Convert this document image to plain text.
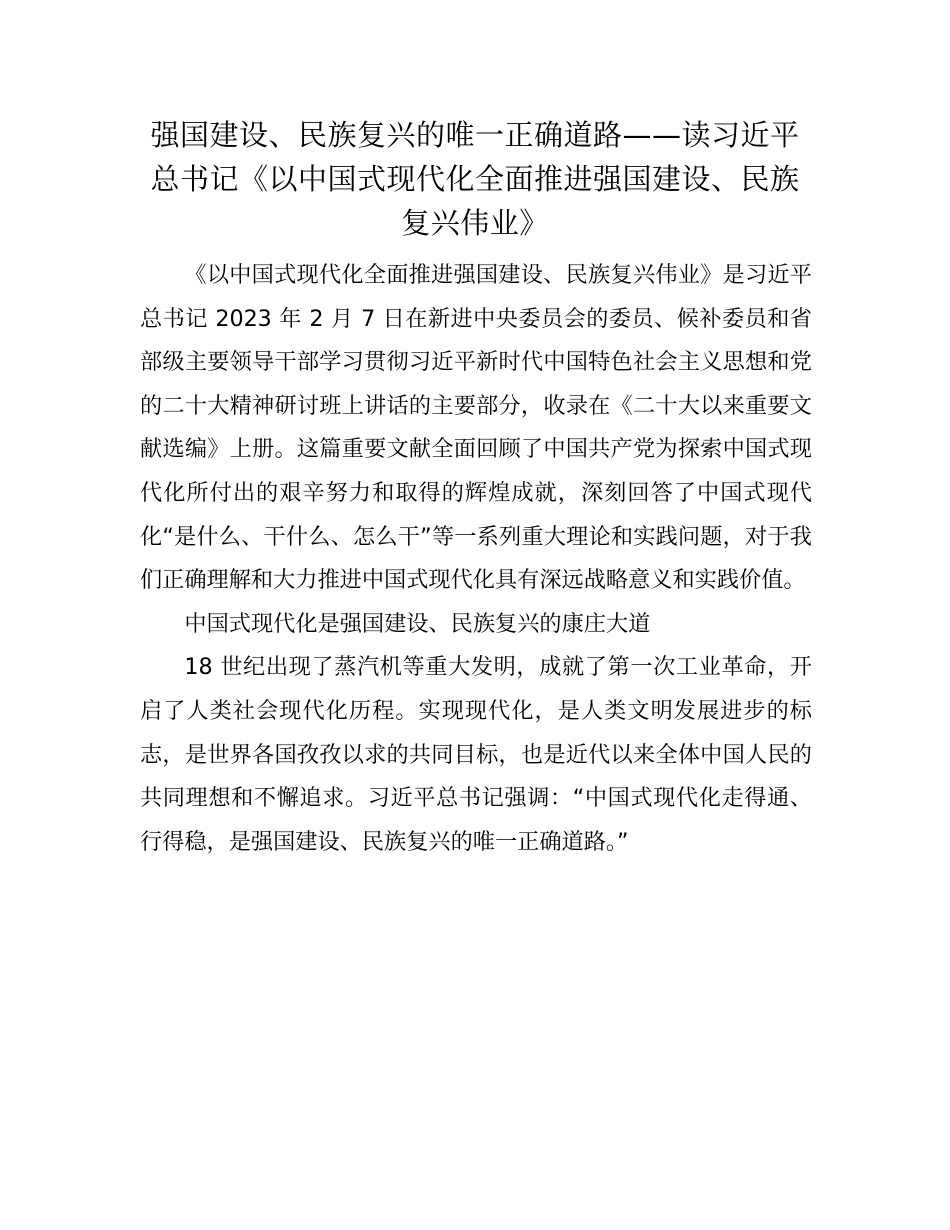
强国建设、民族复兴的唯一正确道路——读习近平总书记《以中国式现代化全面推进强国建设、民族复兴伟业》

《以中国式现代化全面推进强国建设、民族复兴伟业》是习近平总书记 2023 年 2 月 7 日在新进中央委员会的委员、候补委员和省部级主要领导干部学习贯彻习近平新时代中国特色社会主义思想和党的二十大精神研讨班上讲话的主要部分，收录在《二十大以来重要文献选编》上册。这篇重要文献全面回顾了中国共产党为探索中国式现代化所付出的艰辛努力和取得的辉煌成就，深刻回答了中国式现代化“是什么、干什么、怎么干”等一系列重大理论和实践问题，对于我们正确理解和大力推进中国式现代化具有深远战略意义和实践价值。

中国式现代化是强国建设、民族复兴的康庄大道

18 世纪出现了蒸汽机等重大发明，成就了第一次工业革命，开启了人类社会现代化历程。实现现代化，是人类文明发展进步的标志，是世界各国孜孜以求的共同目标，也是近代以来全体中国人民的共同理想和不懈追求。习近平总书记强调：“中国式现代化走得通、行得稳，是强国建设、民族复兴的唯一正确道路。”
